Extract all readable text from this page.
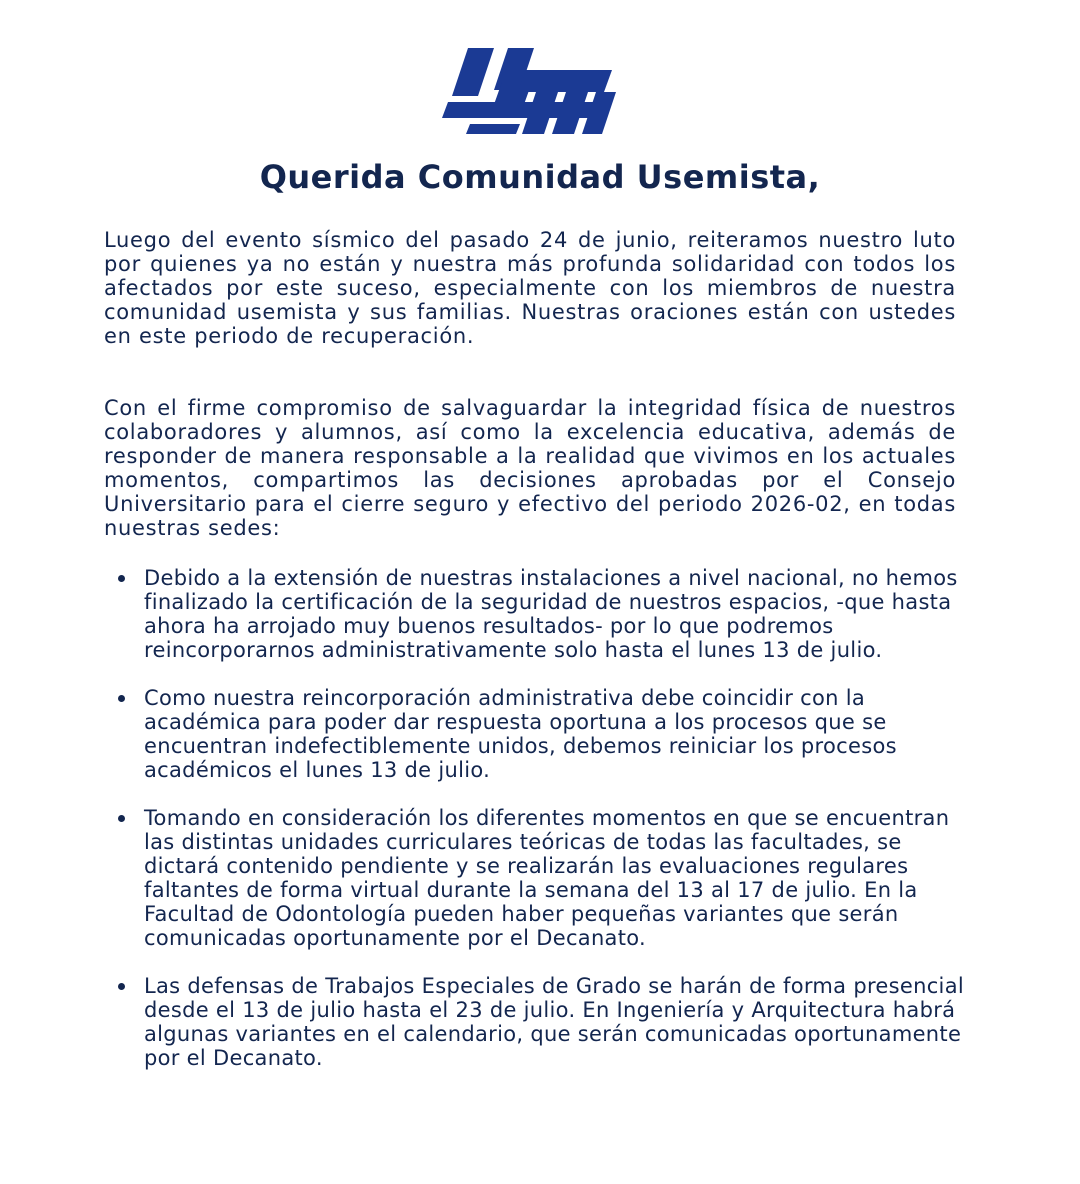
Querida Comunidad Usemista,

Luego del evento sísmico del pasado 24 de junio, reiteramos nuestro luto por quienes ya no están y nuestra más profunda solidaridad con todos los afectados por este suceso, especialmente con los miembros de nuestra comunidad usemista y sus familias. Nuestras oraciones están con ustedes en este periodo de recuperación.

Con el firme compromiso de salvaguardar la integridad física de nuestros colaboradores y alumnos, así como la excelencia educativa, además de responder de manera responsable a la realidad que vivimos en los actuales momentos, compartimos las decisiones aprobadas por el Consejo Universitario para el cierre seguro y efectivo del periodo 2026-02, en todas nuestras sedes:

Debido a la extensión de nuestras instalaciones a nivel nacional, no hemos finalizado la certificación de la seguridad de nuestros espacios, -que hasta ahora ha arrojado muy buenos resultados- por lo que podremos reincorporarnos administrativamente solo hasta el lunes 13 de julio.
Como nuestra reincorporación administrativa debe coincidir con la académica para poder dar respuesta oportuna a los procesos que se encuentran indefectiblemente unidos, debemos reiniciar los procesos académicos el lunes 13 de julio.
Tomando en consideración los diferentes momentos en que se encuentran las distintas unidades curriculares teóricas de todas las facultades, se dictará contenido pendiente y se realizarán las evaluaciones regulares faltantes de forma virtual durante la semana del 13 al 17 de julio. En la Facultad de Odontología pueden haber pequeñas variantes que serán comunicadas oportunamente por el Decanato.
Las defensas de Trabajos Especiales de Grado se harán de forma presencial desde el 13 de julio hasta el 23 de julio. En Ingeniería y Arquitectura habrá algunas variantes en el calendario, que serán comunicadas oportunamente por el Decanato.
